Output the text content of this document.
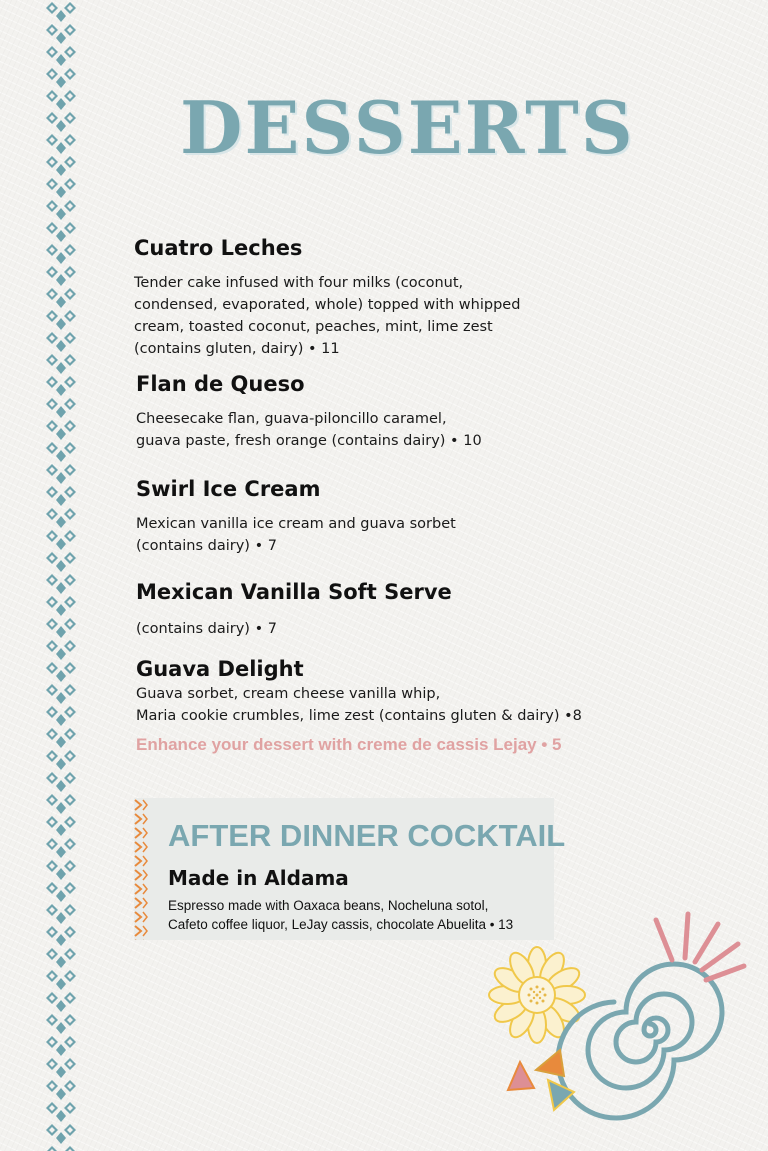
DESSERTS

Cuatro Leches

Tender cake infused with four milks (coconut,

condensed, evaporated, whole) topped with whipped

cream, toasted coconut, peaches, mint, lime zest

(contains gluten, dairy) • 11

Flan de Queso

Cheesecake flan, guava-piloncillo caramel,

guava paste, fresh orange (contains dairy) • 10

Swirl Ice Cream

Mexican vanilla ice cream and guava sorbet

(contains dairy) • 7

Mexican Vanilla Soft Serve

(contains dairy) • 7

Guava Delight

Guava sorbet, cream cheese vanilla whip,

Maria cookie crumbles, lime zest (contains gluten & dairy) •8

Enhance your dessert with creme de cassis Lejay • 5
AFTER DINNER COCKTAIL
Made in Aldama
Espresso made with Oaxaca beans, Nocheluna sotol,
Cafeto coffee liquor, LeJay cassis, chocolate Abuelita • 13
